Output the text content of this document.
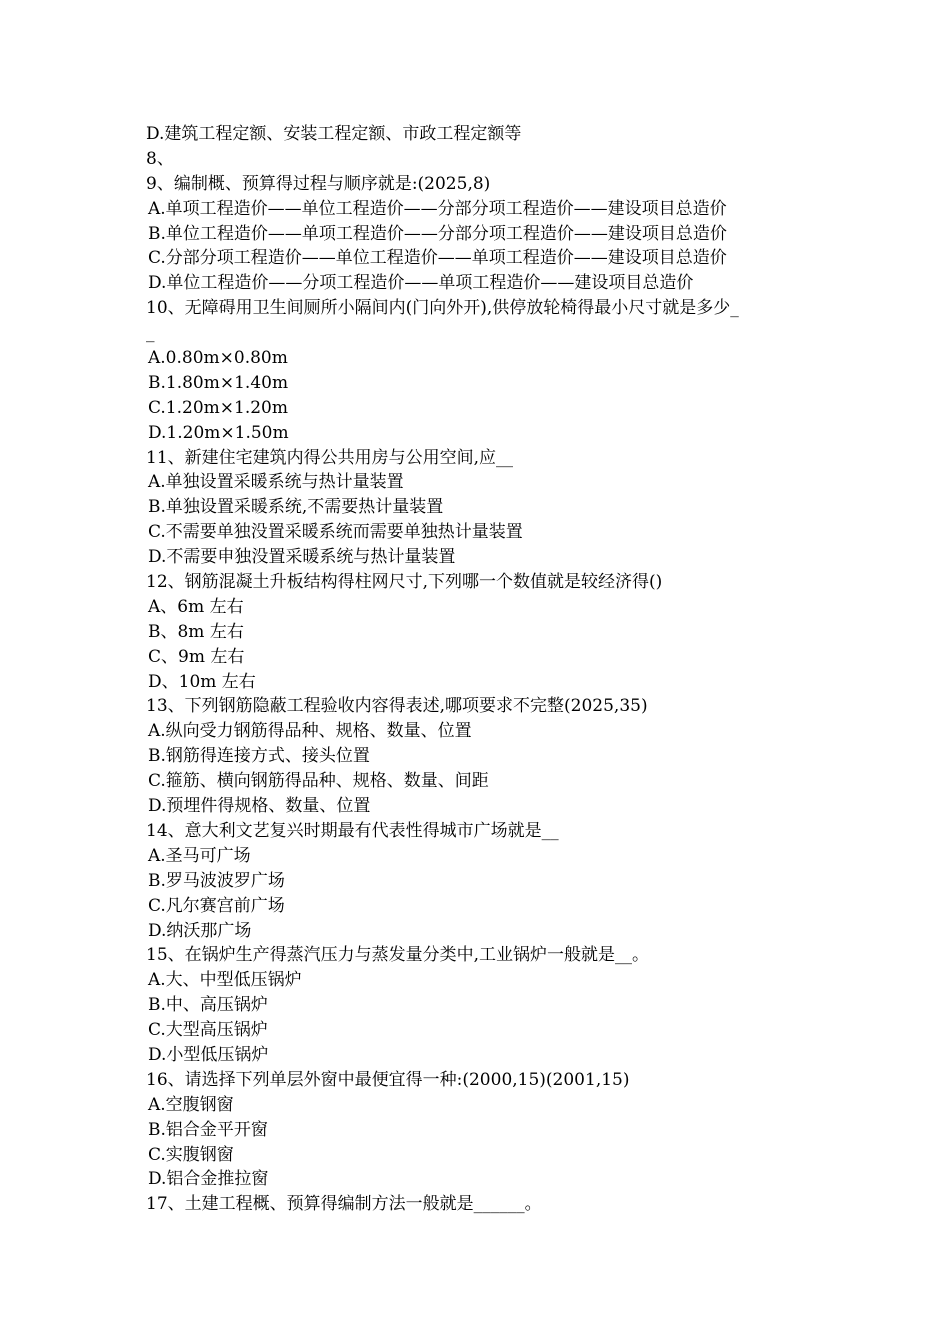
D.建筑工程定额、安装工程定额、市政工程定额等
8、
9、编制概、预算得过程与顺序就是:(2025,8)
A.单项工程造价——单位工程造价——分部分项工程造价——建设项目总造价
B.单位工程造价——单项工程造价——分部分项工程造价——建设项目总造价
C.分部分项工程造价——单位工程造价——单项工程造价——建设项目总造价
D.单位工程造价——分项工程造价——单项工程造价——建设项目总造价
10、无障碍用卫生间厕所小隔间内(门向外开),供停放轮椅得最小尺寸就是多少_
_
A.0.80m×0.80m
B.1.80m×1.40m
C.1.20m×1.20m
D.1.20m×1.50m
11、新建住宅建筑内得公共用房与公用空间,应__
A.单独设置采暖系统与热计量装置
B.单独设置采暖系统,不需要热计量装置
C.不需要单独没置采暖系统而需要单独热计量装置
D.不需要申独没置采暖系统与热计量装置
12、钢筋混凝土升板结构得柱网尺寸,下列哪一个数值就是较经济得()
A、6m 左右
B、8m 左右
C、9m 左右
D、10m 左右
13、下列钢筋隐蔽工程验收内容得表述,哪项要求不完整(2025,35)
A.纵向受力钢筋得品种、规格、数量、位置
B.钢筋得连接方式、接头位置
C.箍筋、横向钢筋得品种、规格、数量、间距
D.预埋件得规格、数量、位置
14、意大利文艺复兴时期最有代表性得城市广场就是__
A.圣马可广场
B.罗马波波罗广场
C.凡尔赛宫前广场
D.纳沃那广场
15、在锅炉生产得蒸汽压力与蒸发量分类中,工业锅炉一般就是__。
A.大、中型低压锅炉
B.中、高压锅炉
C.大型高压锅炉
D.小型低压锅炉
16、请选择下列单层外窗中最便宜得一种:(2000,15)(2001,15)
A.空腹钢窗
B.铝合金平开窗
C.实腹钢窗
D.铝合金推拉窗
17、土建工程概、预算得编制方法一般就是______。
